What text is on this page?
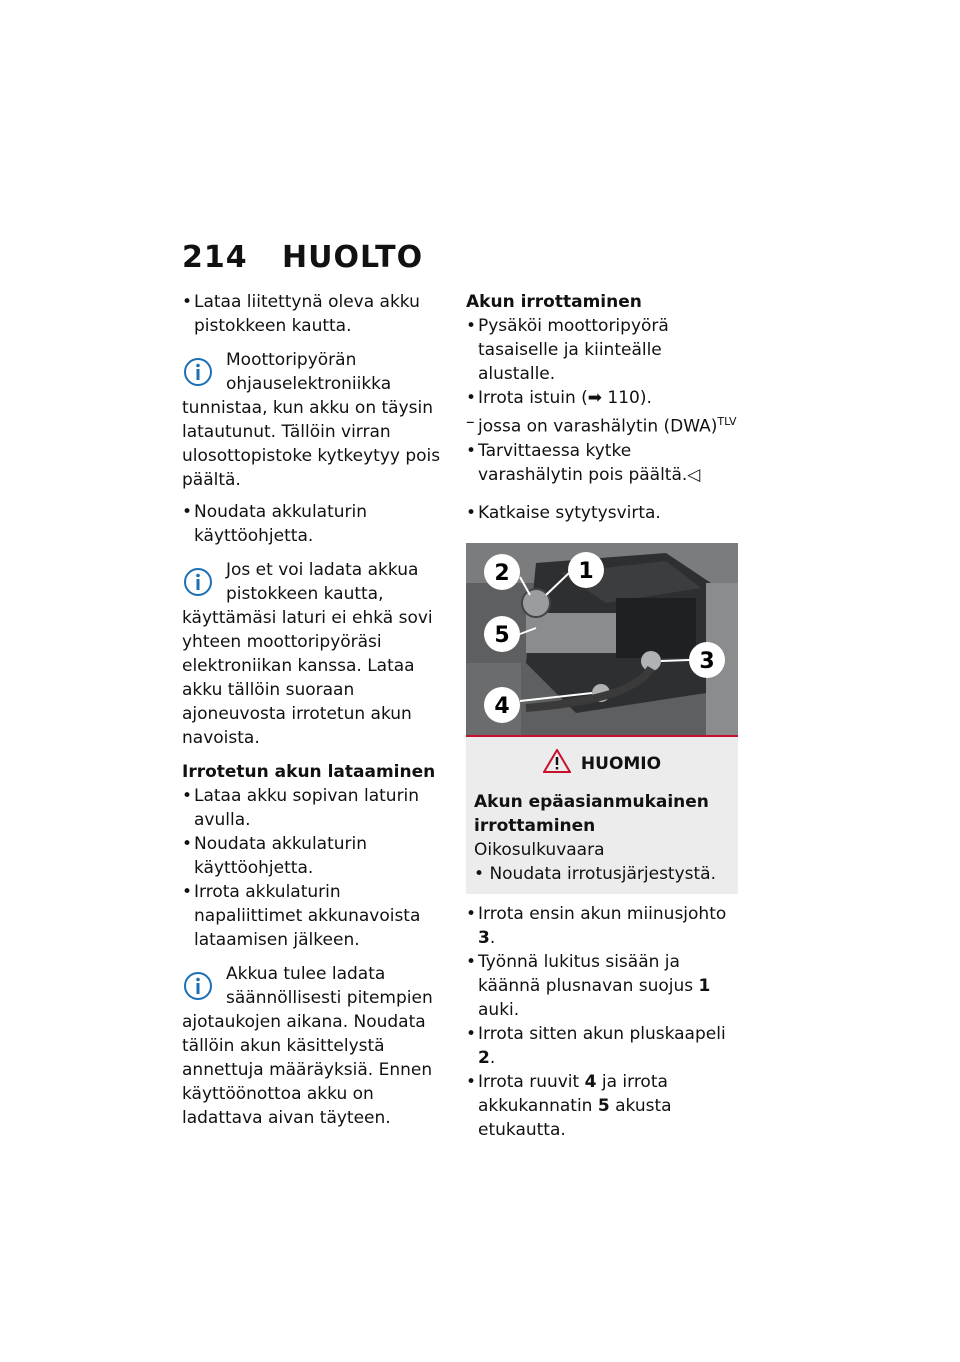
214 HUOLTO

• Lataa liitettynä oleva akku pistokkeen kautta.

Moottoripyörän ohjauselektroniikka tunnistaa, kun akku on täysin latautunut. Tällöin virran ulosottopistoke kytkeytyy pois päältä.

• Noudata akkulaturin käyttöohjetta.

Jos et voi ladata akkua pistokkeen kautta, käyttämäsi laturi ei ehkä sovi yhteen moottoripyöräsi elektroniikan kanssa. Lataa akku tällöin suoraan ajoneuvosta irrotetun akun navoista.

Irrotetun akun lataaminen

• Lataa akku sopivan laturin avulla.

• Noudata akkulaturin käyttöohjetta.

• Irrota akkulaturin napaliittimet akkunavoista lataamisen jälkeen.

Akkua tulee ladata säännöllisesti pitempien ajotaukojen aikana. Noudata tällöin akun käsittelystä annettuja määräyksiä. Ennen käyttöönottoa akku on ladattava aivan täyteen.

Akun irrottaminen

• Pysäköi moottoripyörä tasaiselle ja kiinteälle alustalle.

• Irrota istuin (➡ 110).

– jossa on varashälytin (DWA)$^{TLV}$

• Tarvittaessa kytke varashälytin pois päältä.◁

• Katkaise sytytysvirta.

2	1
5
3
4
HUOMIO
Akun epäasianmukainen irrottaminen
Oikosulkuvaara
• Noudata irrotusjärjestystä.

• Irrota ensin akun miinusjohto 3.

• Työnnä lukitus sisään ja käännä plusnavan suojus 1 auki.

• Irrota sitten akun pluskaapeli 2.

• Irrota ruuvit 4 ja irrota akkukannatin 5 akusta etukautta.
